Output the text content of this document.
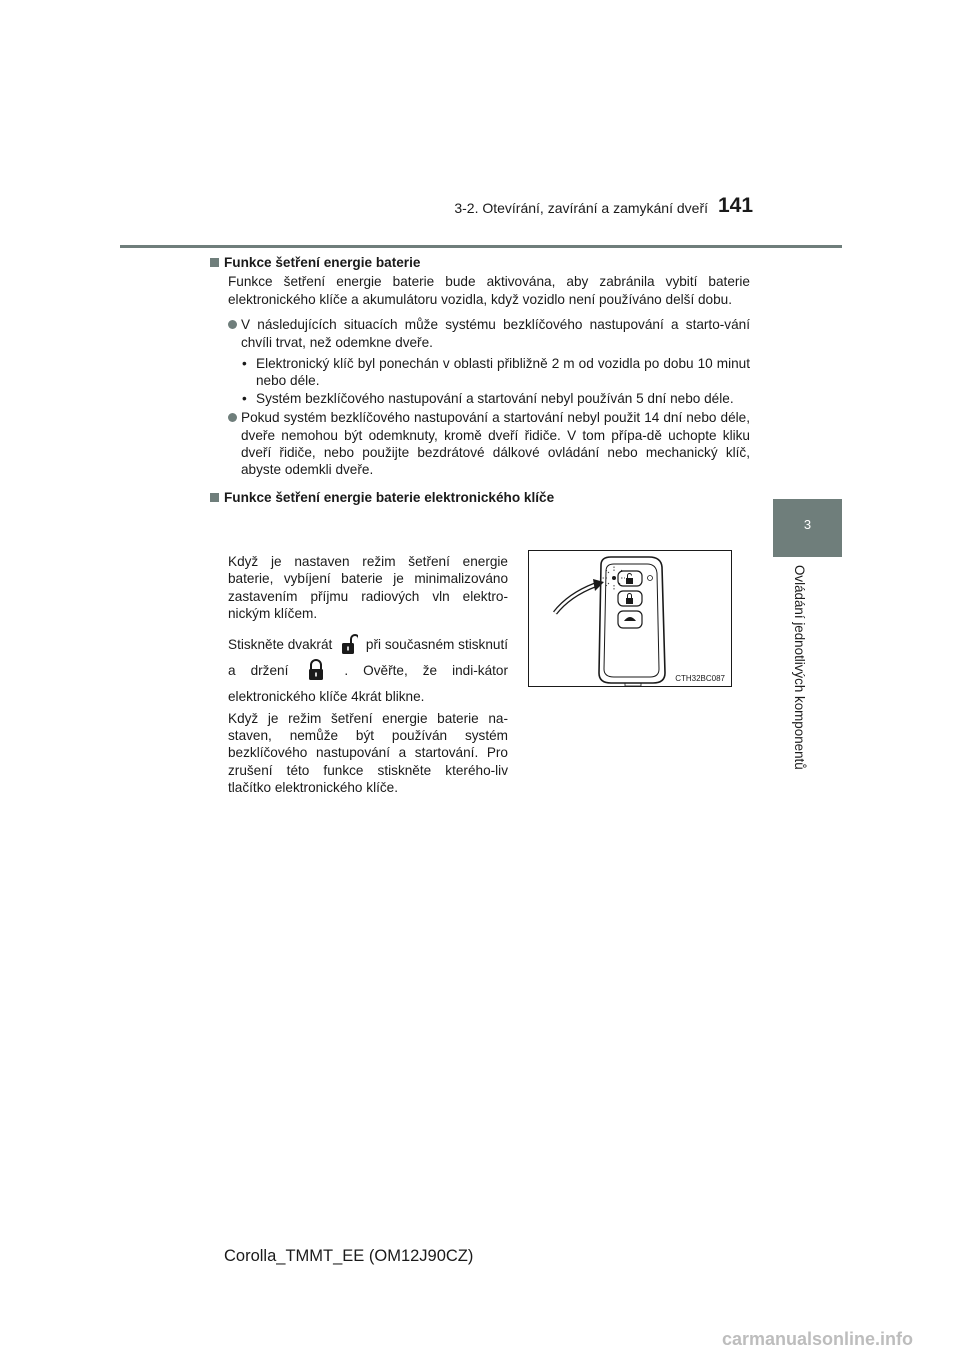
3-2. Otevírání, zavírání a zamykání dveří 141
3
Ovládání jednotlivých komponentů

Funkce šetření energie baterie

Funkce šetření energie baterie bude aktivována, aby zabránila vybití baterie elektronického klíče a akumulátoru vozidla, když vozidlo není používáno delší dobu.

V následujících situacích může systému bezklíčového nastupování a starto-vání chvíli trvat, než odemkne dveře.
• Elektronický klíč byl ponechán v oblasti přibližně 2 m od vozidla po dobu 10 minut nebo déle.
• Systém bezklíčového nastupování a startování nebyl používán 5 dní nebo déle.
Pokud systém bezklíčového nastupování a startování nebyl použit 14 dní nebo déle, dveře nemohou být odemknuty, kromě dveří řidiče. V tom přípa-dě uchopte kliku dveří řidiče, nebo použijte bezdrátové dálkové ovládání nebo mechanický klíč, abyste odemkli dveře.

Funkce šetření energie baterie elektronického klíče

Když je nastaven režim šetření energie baterie, vybíjení baterie je minimalizováno zastavením příjmu radiových vln elektro-nickým klíčem.

Stiskněte dvakrát při současném stisknutí a držení	. Ověřte, že indi-kátor elektronického klíče 4krát blikne.

Když je režim šetření energie baterie na-staven, nemůže být používán systém bezklíčového nastupování a startování. Pro zrušení této funkce stiskněte kterého-liv tlačítko elektronického klíče.

CTH32BC087
Corolla_TMMT_EE (OM12J90CZ)
carmanualsonline.info
